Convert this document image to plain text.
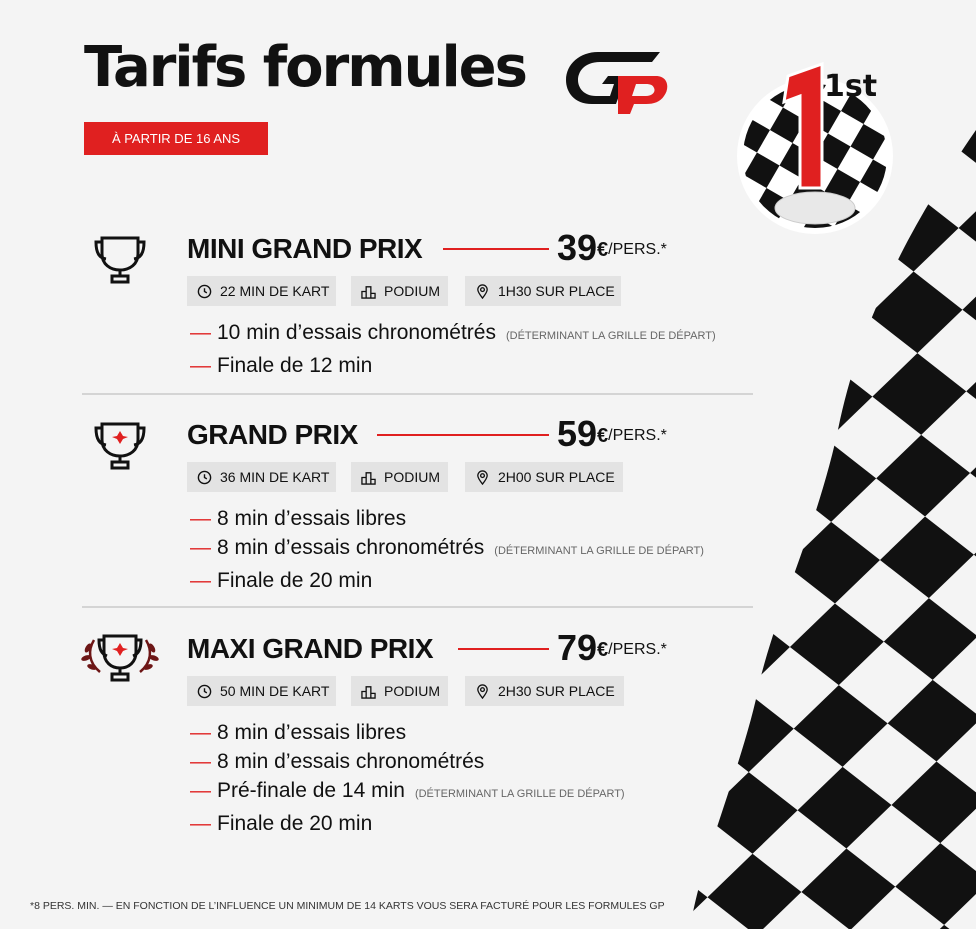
Tarifs formules
À PARTIR DE 16 ANS
1st
MINI GRAND PRIX	$39^{€/PERS.*}$
22 MIN DE KART	PODIUM	1H30 SUR PLACE
— 10 min d’essais chronométrés (DÉTERMINANT LA GRILLE DE DÉPART)
— Finale de 12 min
GRAND PRIX	$59^{€/PERS.*}$
36 MIN DE KART	PODIUM	2H00 SUR PLACE
— 8 min d’essais libres
— 8 min d’essais chronométrés (DÉTERMINANT LA GRILLE DE DÉPART)
— Finale de 20 min
MAXI GRAND PRIX	$79^{€/PERS.*}$
50 MIN DE KART	PODIUM	2H30 SUR PLACE
— 8 min d’essais libres
— 8 min d’essais chronométrés
— Pré-finale de 14 min (DÉTERMINANT LA GRILLE DE DÉPART)
— Finale de 20 min
*8 PERS. MIN. — EN FONCTION DE L’INFLUENCE UN MINIMUM DE 14 KARTS VOUS SERA FACTURÉ POUR LES FORMULES GP
